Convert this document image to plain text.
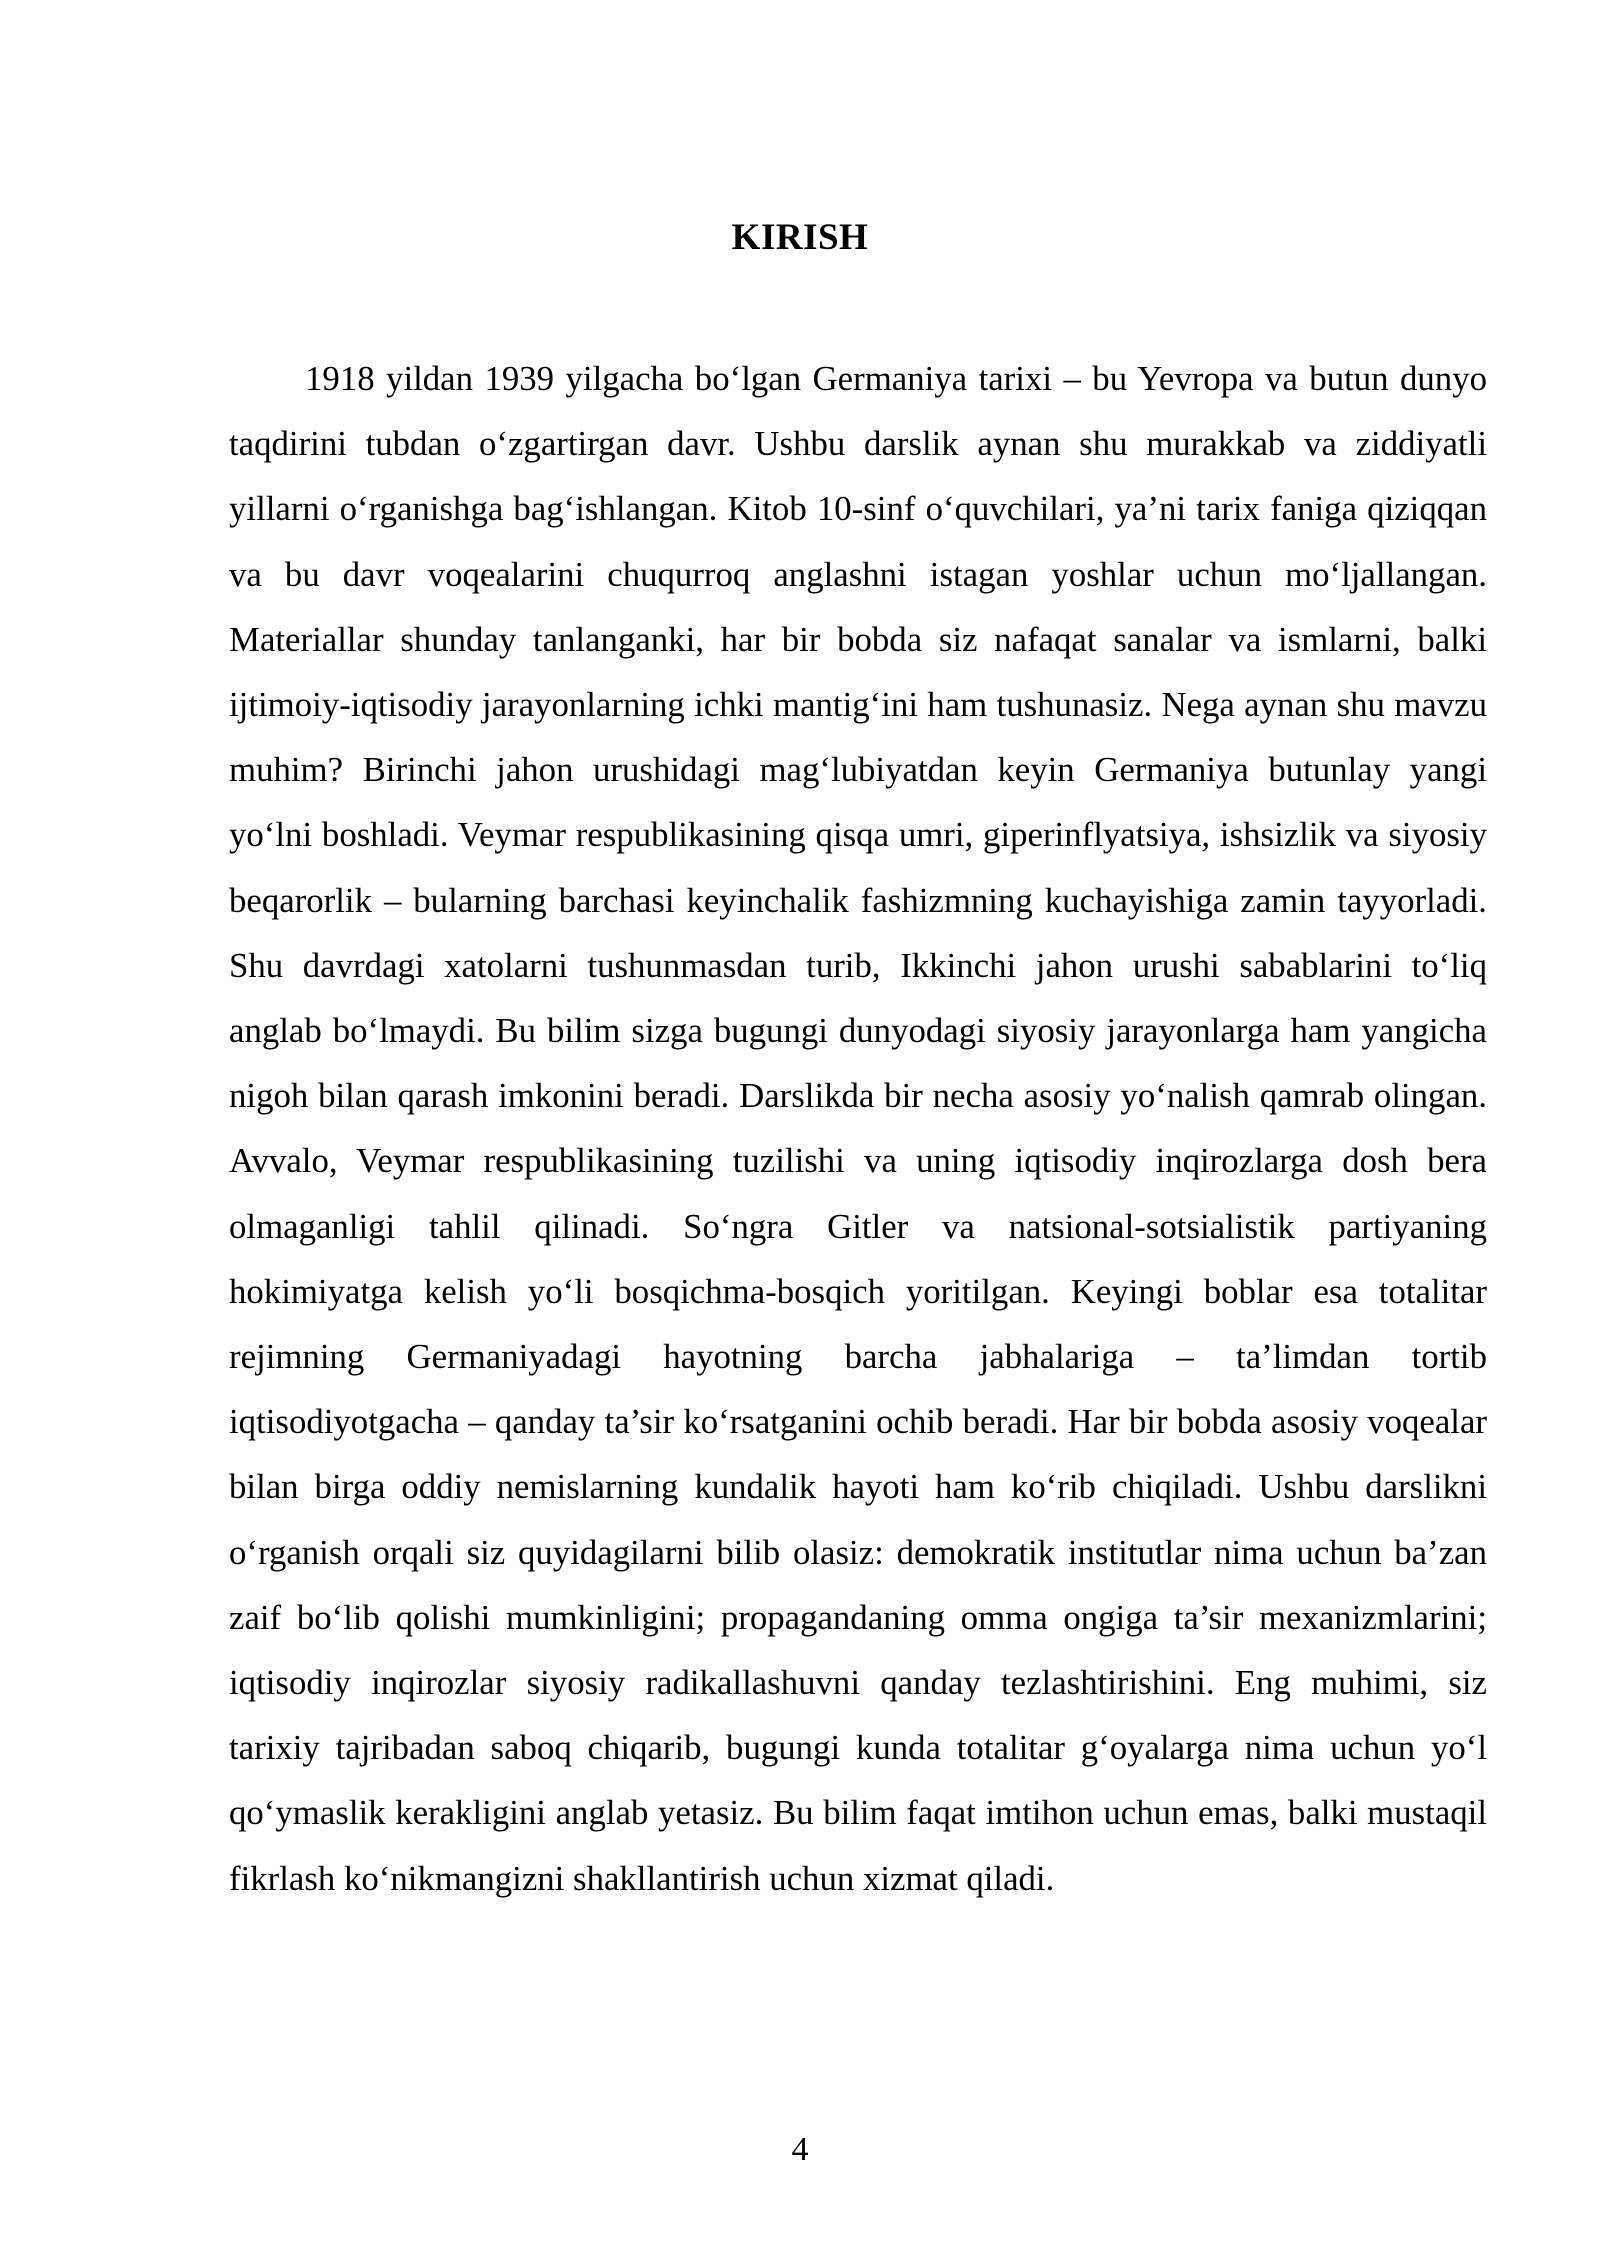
KIRISH

1918 yildan 1939 yilgacha bo‘lgan Germaniya tarixi – bu Yevropa va butun dunyo taqdirini tubdan o‘zgartirgan davr. Ushbu darslik aynan shu murakkab va ziddiyatli yillarni o‘rganishga bag‘ishlangan. Kitob 10-sinf o‘quvchilari, ya’ni tarix faniga qiziqqan va bu davr voqealarini chuqurroq anglashni istagan yoshlar uchun mo‘ljallangan. Materiallar shunday tanlanganki, har bir bobda siz nafaqat sanalar va ismlarni, balki ijtimoiy-iqtisodiy jarayonlarning ichki mantig‘ini ham tushunasiz. Nega aynan shu mavzu muhim? Birinchi jahon urushidagi mag‘lubiyatdan keyin Germaniya butunlay yangi yo‘lni boshladi. Veymar respublikasining qisqa umri, giperinflyatsiya, ishsizlik va siyosiy beqarorlik – bularning barchasi keyinchalik fashizmning kuchayishiga zamin tayyorladi. Shu davrdagi xatolarni tushunmasdan turib, Ikkinchi jahon urushi sabablarini to‘liq anglab bo‘lmaydi. Bu bilim sizga bugungi dunyodagi siyosiy jarayonlarga ham yangicha nigoh bilan qarash imkonini beradi. Darslikda bir necha asosiy yo‘nalish qamrab olingan. Avvalo, Veymar respublikasining tuzilishi va uning iqtisodiy inqirozlarga dosh bera olmaganligi tahlil qilinadi. So‘ngra Gitler va natsional-sotsialistik partiyaning hokimiyatga kelish yo‘li bosqichma-bosqich yoritilgan. Keyingi boblar esa totalitar rejimning Germaniyadagi hayotning barcha jabhalariga – ta’limdan tortib iqtisodiyotgacha – qanday ta’sir ko‘rsatganini ochib beradi. Har bir bobda asosiy voqealar bilan birga oddiy nemislarning kundalik hayoti ham ko‘rib chiqiladi. Ushbu darslikni o‘rganish orqali siz quyidagilarni bilib olasiz: demokratik institutlar nima uchun ba’zan zaif bo‘lib qolishi mumkinligini; propagandaning omma ongiga ta’sir mexanizmlarini; iqtisodiy inqirozlar siyosiy radikallashuvni qanday tezlashtirishini. Eng muhimi, siz tarixiy tajribadan saboq chiqarib, bugungi kunda totalitar g‘oyalarga nima uchun yo‘l qo‘ymaslik kerakligini anglab yetasiz. Bu bilim faqat imtihon uchun emas, balki mustaqil fikrlash ko‘nikmangizni shakllantirish uchun xizmat qiladi.

4
